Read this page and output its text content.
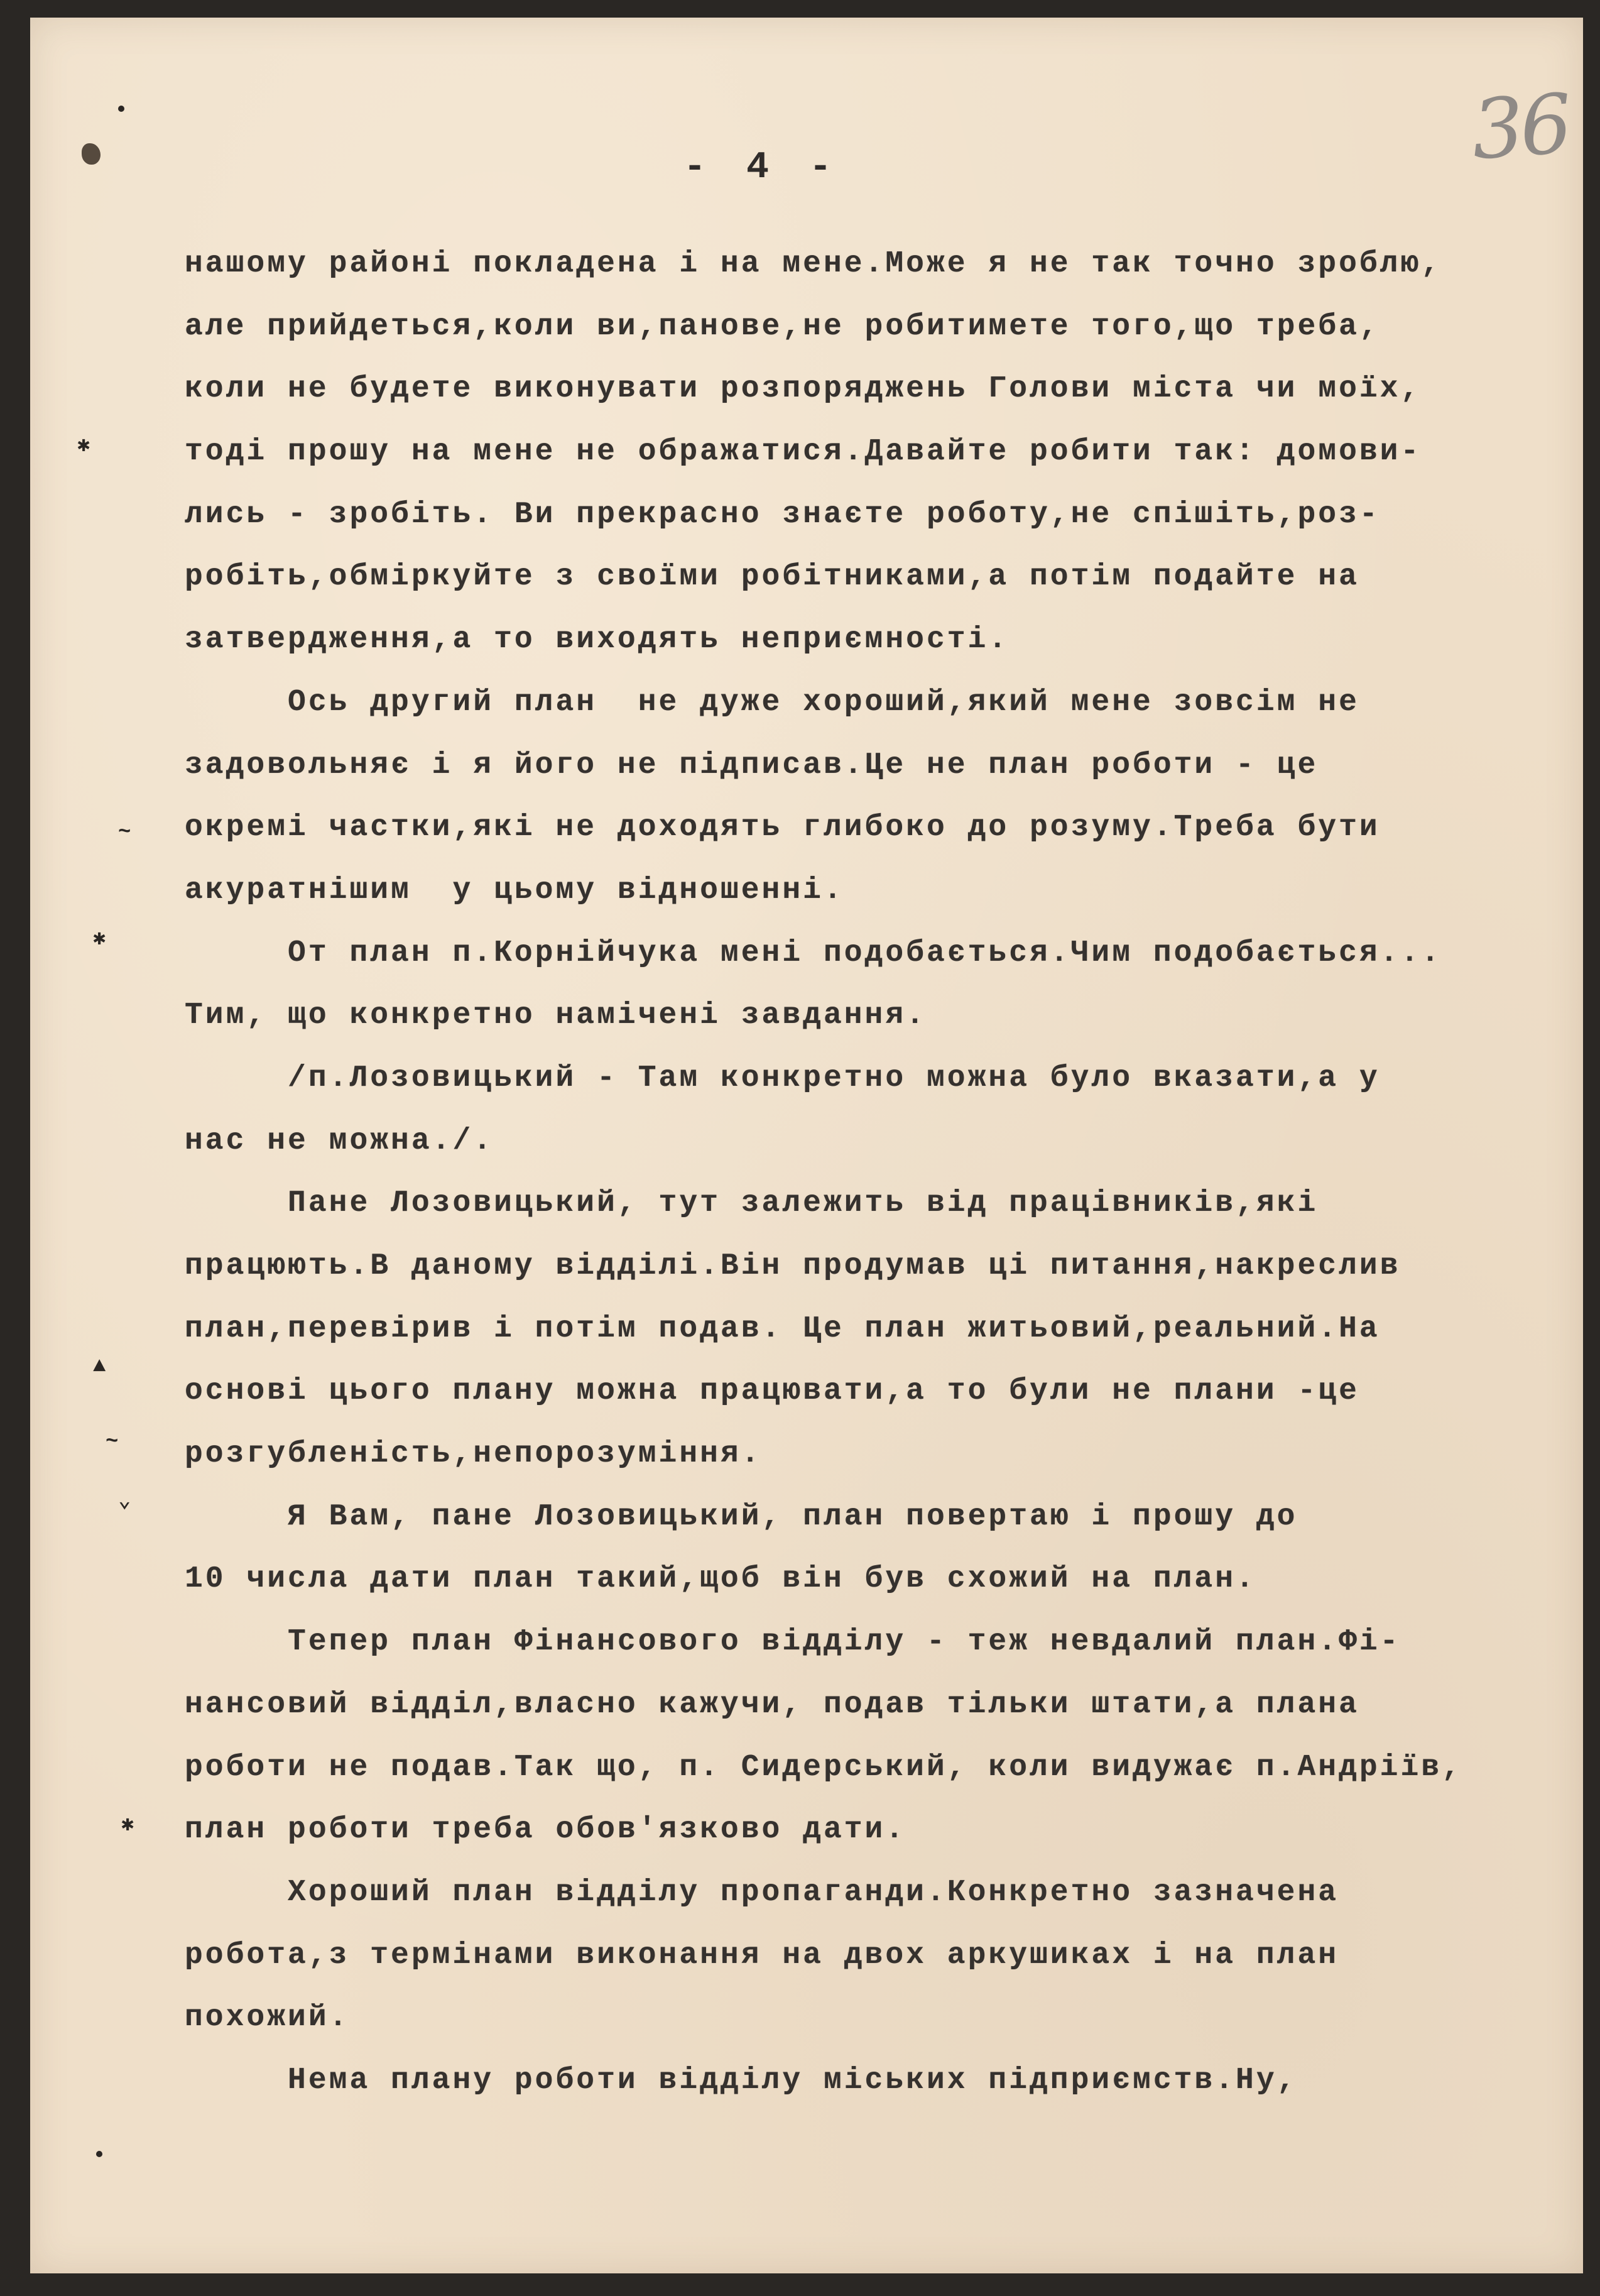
36
- 4 -
✱
~
✱
▲
~
⌄
✱
нашому районі покладена і на мене.Може я не так точно зроблю,
але прийдеться,коли ви,панове,не робитимете того,що треба,
коли не будете виконувати розпоряджень Голови міста чи моїх,
тоді прошу на мене не ображатися.Давайте робити так: домови-
лись - зробіть. Ви прекрасно знаєте роботу,не спішіть,роз-
робіть,обміркуйте з своїми робітниками,а потім подайте на
затвердження,а то виходять неприємності.
Ось другий план  не дуже хороший,який мене зовсім не
задовольняє і я його не підписав.Це не план роботи - це
окремі частки,які не доходять глибоко до розуму.Треба бути
акуратнішим  у цьому відношенні.
От план п.Корнійчука мені подобається.Чим подобається...
Тим, що конкретно намічені завдання.
/п.Лозовицький - Там конкретно можна було вказати,а у
нас не можна./.
Пане Лозовицький, тут залежить від працівників,які
працюють.В даному відділі.Він продумав ці питання,накреслив
план,перевірив і потім подав. Це план житьовий,реальний.На
основі цього плану можна працювати,а то були не плани -це
розгубленість,непорозуміння.
Я Вам, пане Лозовицький, план повертаю і прошу до
10 числа дати план такий,щоб він був схожий на план.
Тепер план Фінансового відділу - теж невдалий план.Фі-
нансовий відділ,власно кажучи, подав тільки штати,а плана
роботи не подав.Так що, п. Сидерський, коли видужає п.Андріїв,
план роботи треба обов'язково дати.
Хороший план відділу пропаганди.Конкретно зазначена
робота,з термінами виконання на двох аркушиках і на план
похожий.
Нема плану роботи відділу міських підприємств.Ну,
